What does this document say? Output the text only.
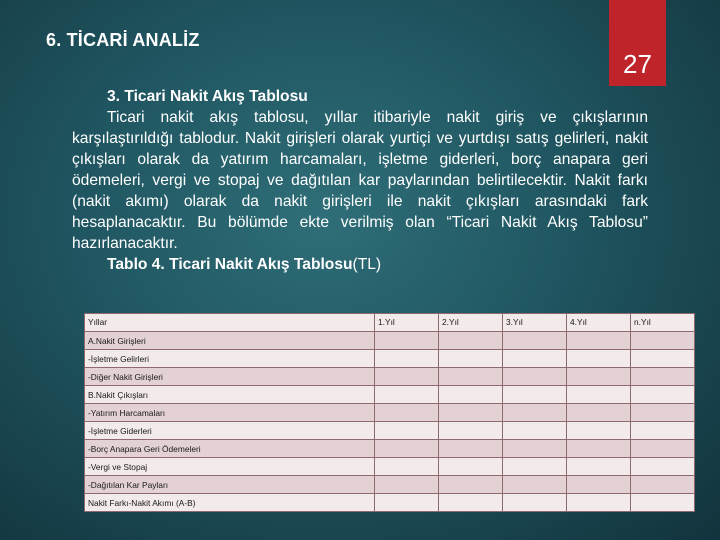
6. TİCARİ ANALİZ
27
3. Ticari Nakit Akış Tablosu
Ticari nakit akış tablosu, yıllar itibariyle nakit giriş ve çıkışlarının karşılaştırıldığı tablodur. Nakit girişleri olarak yurtiçi ve yurtdışı satış gelirleri, nakit çıkışları olarak da yatırım harcamaları, işletme giderleri, borç anapara geri ödemeleri, vergi ve stopaj ve dağıtılan kar paylarından belirtilecektir. Nakit farkı (nakit akımı) olarak da nakit girişleri ile nakit çıkışları arasındaki fark hesaplanacaktır. Bu bölümde ekte verilmiş olan “Ticari Nakit Akış Tablosu” hazırlanacaktır.
Tablo 4. Ticari Nakit Akış Tablosu(TL)
Yıllar	1.Yıl	2.Yıl	3.Yıl	4.Yıl	n.Yıl
A.Nakit Girişleri					
-İşletme Gelirleri					
-Diğer Nakit Girişleri					
B.Nakit Çıkışları					
-Yatırım Harcamaları					
-İşletme Giderleri					
-Borç Anapara Geri Ödemeleri					
-Vergi ve Stopaj					
-Dağıtılan Kar Payları					
Nakit Farkı-Nakit Akımı (A-B)					
